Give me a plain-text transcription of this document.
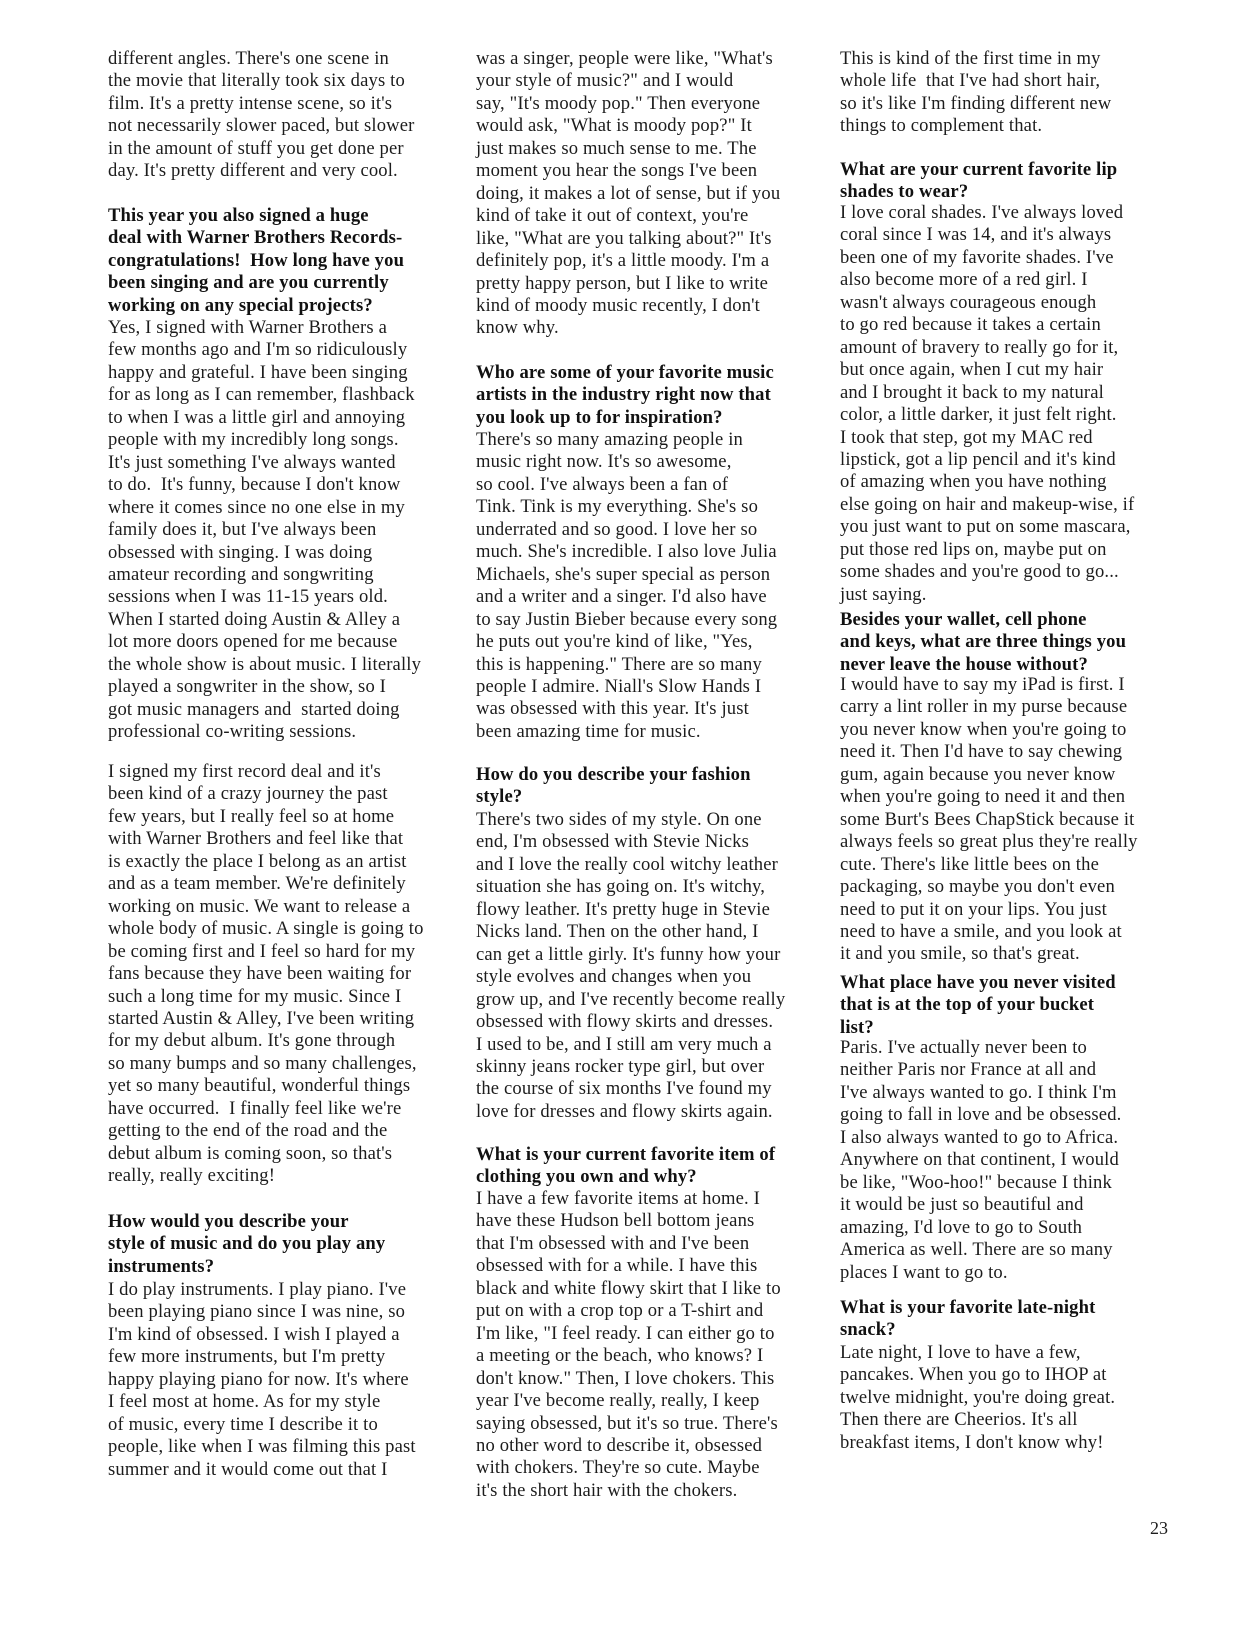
different angles. There's one scene in
the movie that literally took six days to
film. It's a pretty intense scene, so it's
not necessarily slower paced, but slower
in the amount of stuff you get done per
day. It's pretty different and very cool.
This year you also signed a huge
deal with Warner Brothers Records-
congratulations!  How long have you
been singing and are you currently
working on any special projects?
Yes, I signed with Warner Brothers a
few months ago and I'm so ridiculously
happy and grateful. I have been singing
for as long as I can remember, flashback
to when I was a little girl and annoying
people with my incredibly long songs.
It's just something I've always wanted
to do.  It's funny, because I don't know
where it comes since no one else in my
family does it, but I've always been
obsessed with singing. I was doing
amateur recording and songwriting
sessions when I was 11-15 years old.
When I started doing Austin & Alley a
lot more doors opened for me because
the whole show is about music. I literally
played a songwriter in the show, so I
got music managers and  started doing
professional co-writing sessions.
I signed my first record deal and it's
been kind of a crazy journey the past
few years, but I really feel so at home
with Warner Brothers and feel like that
is exactly the place I belong as an artist
and as a team member. We're definitely
working on music. We want to release a
whole body of music. A single is going to
be coming first and I feel so hard for my
fans because they have been waiting for
such a long time for my music. Since I
started Austin & Alley, I've been writing
for my debut album. It's gone through
so many bumps and so many challenges,
yet so many beautiful, wonderful things
have occurred.  I finally feel like we're
getting to the end of the road and the
debut album is coming soon, so that's
really, really exciting!
How would you describe your
style of music and do you play any
instruments?
I do play instruments. I play piano. I've
been playing piano since I was nine, so
I'm kind of obsessed. I wish I played a
few more instruments, but I'm pretty
happy playing piano for now. It's where
I feel most at home. As for my style
of music, every time I describe it to
people, like when I was filming this past
summer and it would come out that I
was a singer, people were like, "What's
your style of music?" and I would
say, "It's moody pop." Then everyone
would ask, "What is moody pop?" It
just makes so much sense to me. The
moment you hear the songs I've been
doing, it makes a lot of sense, but if you
kind of take it out of context, you're
like, "What are you talking about?" It's
definitely pop, it's a little moody. I'm a
pretty happy person, but I like to write
kind of moody music recently, I don't
know why.
Who are some of your favorite music
artists in the industry right now that
you look up to for inspiration?
There's so many amazing people in
music right now. It's so awesome,
so cool. I've always been a fan of
Tink. Tink is my everything. She's so
underrated and so good. I love her so
much. She's incredible. I also love Julia
Michaels, she's super special as person
and a writer and a singer. I'd also have
to say Justin Bieber because every song
he puts out you're kind of like, "Yes,
this is happening." There are so many
people I admire. Niall's Slow Hands I
was obsessed with this year. It's just
been amazing time for music.
How do you describe your fashion
style?
There's two sides of my style. On one
end, I'm obsessed with Stevie Nicks
and I love the really cool witchy leather
situation she has going on. It's witchy,
flowy leather. It's pretty huge in Stevie
Nicks land. Then on the other hand, I
can get a little girly. It's funny how your
style evolves and changes when you
grow up, and I've recently become really
obsessed with flowy skirts and dresses.
I used to be, and I still am very much a
skinny jeans rocker type girl, but over
the course of six months I've found my
love for dresses and flowy skirts again.
What is your current favorite item of
clothing you own and why?
I have a few favorite items at home. I
have these Hudson bell bottom jeans
that I'm obsessed with and I've been
obsessed with for a while. I have this
black and white flowy skirt that I like to
put on with a crop top or a T-shirt and
I'm like, "I feel ready. I can either go to
a meeting or the beach, who knows? I
don't know." Then, I love chokers. This
year I've become really, really, I keep
saying obsessed, but it's so true. There's
no other word to describe it, obsessed
with chokers. They're so cute. Maybe
it's the short hair with the chokers.
This is kind of the first time in my
whole life  that I've had short hair,
so it's like I'm finding different new
things to complement that.
What are your current favorite lip
shades to wear?
I love coral shades. I've always loved
coral since I was 14, and it's always
been one of my favorite shades. I've
also become more of a red girl. I
wasn't always courageous enough
to go red because it takes a certain
amount of bravery to really go for it,
but once again, when I cut my hair
and I brought it back to my natural
color, a little darker, it just felt right.
I took that step, got my MAC red
lipstick, got a lip pencil and it's kind
of amazing when you have nothing
else going on hair and makeup-wise, if
you just want to put on some mascara,
put those red lips on, maybe put on
some shades and you're good to go...
just saying.
Besides your wallet, cell phone
and keys, what are three things you
never leave the house without?
I would have to say my iPad is first. I
carry a lint roller in my purse because
you never know when you're going to
need it. Then I'd have to say chewing
gum, again because you never know
when you're going to need it and then
some Burt's Bees ChapStick because it
always feels so great plus they're really
cute. There's like little bees on the
packaging, so maybe you don't even
need to put it on your lips. You just
need to have a smile, and you look at
it and you smile, so that's great.
What place have you never visited
that is at the top of your bucket
list?
Paris. I've actually never been to
neither Paris nor France at all and
I've always wanted to go. I think I'm
going to fall in love and be obsessed.
I also always wanted to go to Africa.
Anywhere on that continent, I would
be like, "Woo-hoo!" because I think
it would be just so beautiful and
amazing, I'd love to go to South
America as well. There are so many
places I want to go to.
What is your favorite late-night
snack?
Late night, I love to have a few,
pancakes. When you go to IHOP at
twelve midnight, you're doing great.
Then there are Cheerios. It's all
breakfast items, I don't know why!
23
